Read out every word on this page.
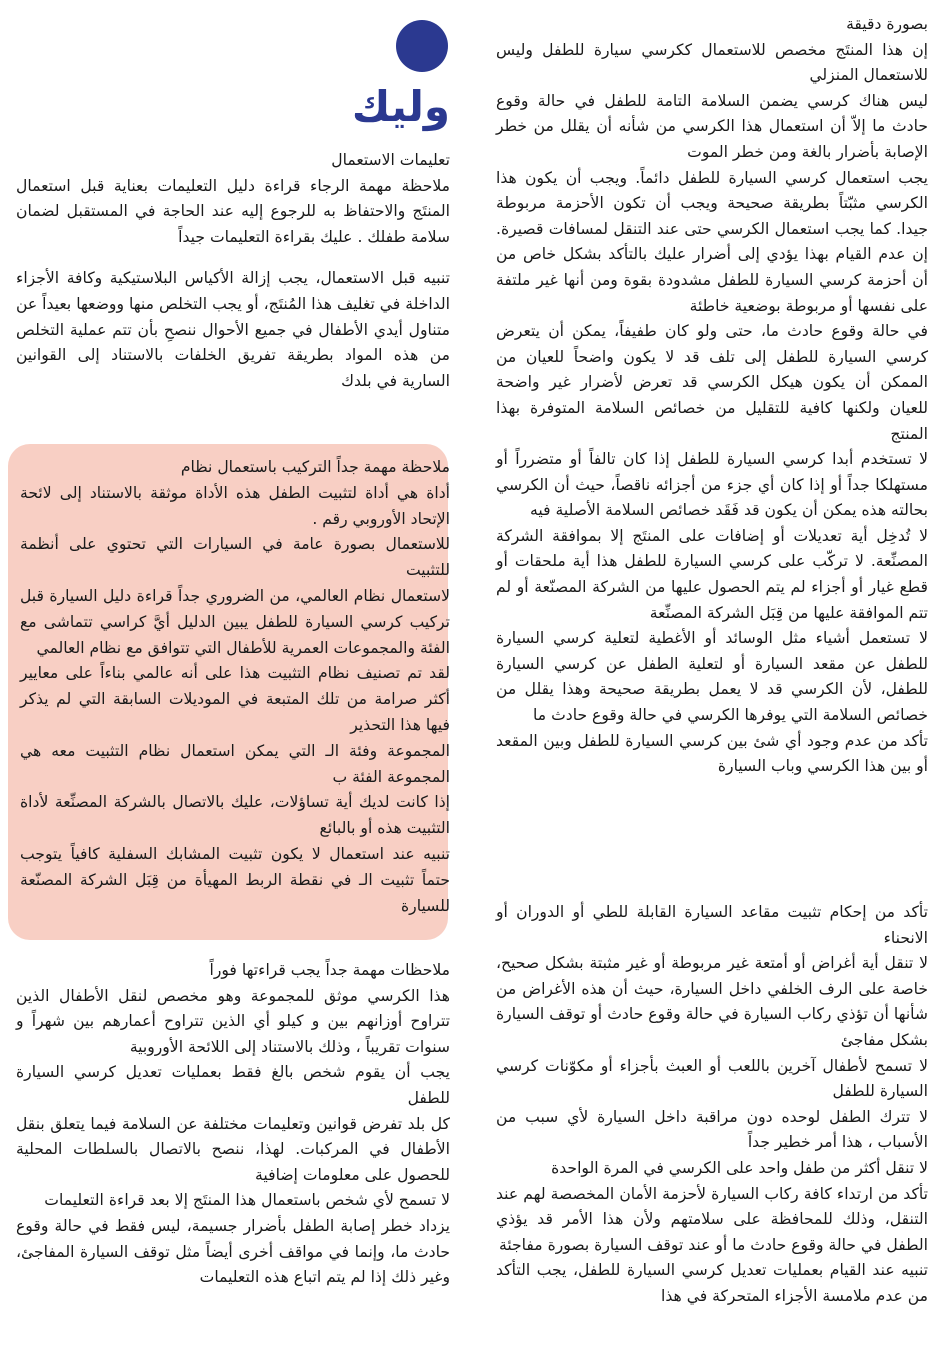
بصورة دقيقة

إن هذا المنتَج مخصص للاستعمال ككرسي سيارة للطفل وليس للاستعمال المنزلي

ليس هناك كرسي يضمن السلامة التامة للطفل في حالة وقوع حادث ما إلاّ أن استعمال هذا الكرسي من شأنه أن يقلل من خطر الإصابة بأضرار بالغة ومن خطر الموت

يجب استعمال كرسي السيارة للطفل دائماً. ويجب أن يكون هذا الكرسي مثبّتاً بطريقة صحيحة ويجب أن تكون الأحزمة مربوطة جيدا. كما يجب استعمال الكرسي حتى عند التنقل لمسافات قصيرة. إن عدم القيام بهذا يؤدي إلى أضرار عليك بالتأكد بشكل خاص من أن أحزمة كرسي السيارة للطفل مشدودة بقوة ومن أنها غير ملتفة على نفسها أو مربوطة بوضعية خاطئة

في حالة وقوع حادث ما، حتى ولو كان طفيفاً، يمكن أن يتعرض كرسي السيارة للطفل إلى تلف قد لا يكون واضحاً للعيان من الممكن أن يكون هيكل الكرسي قد تعرض لأضرار غير واضحة للعيان ولكنها كافية للتقليل من خصائص السلامة المتوفرة بهذا المنتج

لا تستخدم أبدا كرسي السيارة للطفل إذا كان تالفاً أو متضرراً أو مستهلكا جداً أو إذا كان أي جزء من أجزائه ناقصاً، حيث أن الكرسي بحالته هذه يمكن أن يكون قد فَقَد خصائص السلامة الأصلية فيه

لا تُدخِل أية تعديلات أو إضافات على المنتَج إلا بموافقة الشركة المصنِّعة. لا تركّب على كرسي السيارة للطفل هذا أية ملحقات أو قطع غيار أو أجزاء لم يتم الحصول عليها من الشركة المصنّعة أو لم تتم الموافقة عليها من قِبَل الشركة المصنِّعة

لا تستعمل أشياء مثل الوسائد أو الأغطية لتعلية كرسي السيارة للطفل عن مقعد السيارة أو لتعلية الطفل عن كرسي السيارة للطفل، لأن الكرسي قد لا يعمل بطريقة صحيحة وهذا يقلل من خصائص السلامة التي يوفرها الكرسي في حالة وقوع حادث ما

تأكد من عدم وجود أي شئ بين كرسي السيارة للطفل وبين المقعد أو بين هذا الكرسي وباب السيارة

تأكد من إحكام تثبيت مقاعد السيارة القابلة للطي أو الدوران أو الانحناء

لا تنقل أية أغراض أو أمتعة غير مربوطة أو غير مثبتة بشكل صحيح، خاصة على الرف الخلفي داخل السيارة، حيث أن هذه الأغراض من شأنها أن تؤذي ركاب السيارة في حالة وقوع حادث أو توقف السيارة بشكل مفاجئ

لا تسمح لأطفال آخرين باللعب أو العبث بأجزاء أو مكوّنات كرسي السيارة للطفل

لا تترك الطفل لوحده دون مراقبة داخل السيارة لأي سبب من الأسباب ، هذا أمر خطير جداً

لا تنقل أكثر من طفل واحد على الكرسي في المرة الواحدة

تأكد من ارتداء كافة ركاب السيارة لأحزمة الأمان المخصصة لهم عند التنقل، وذلك للمحافظة على سلامتهم ولأن هذا الأمر قد يؤذي الطفل في حالة وقوع حادث ما أو عند توقف السيارة بصورة مفاجئة

تنبيه عند القيام بعمليات تعديل كرسي السيارة للطفل، يجب التأكد من عدم ملامسة الأجزاء المتحركة في هذا

وليك

تعليمات الاستعمال

ملاحظة مهمة الرجاء قراءة دليل التعليمات بعناية قبل استعمال المنتَج والاحتفاظ به للرجوع إليه عند الحاجة في المستقبل لضمان سلامة طفلك . عليك بقراءة التعليمات جيداً

تنبيه قبل الاستعمال، يجب إزالة الأكياس البلاستيكية وكافة الأجزاء الداخلة في تغليف هذا المُنتَج، أو يجب التخلص منها ووضعها بعيداً عن متناول أيدي الأطفال في جميع الأحوال ننصحِ بأن تتم عملية التخلص من هذه المواد بطريقة تفريق الخلفات بالاستناد إلى القوانين السارية في بلدك

ملاحظة مهمة جداً التركيب باستعمال نظام

أداة هي أداة لتثبيت الطفل هذه الأداة موثقة بالاستناد إلى لائحة الإتحاد الأوروبي رقم .

للاستعمال بصورة عامة في السيارات التي تحتوي على أنظمة للتثبيت

لاستعمال نظام العالمي، من الضروري جداً قراءة دليل السيارة قبل تركيب كرسي السيارة للطفل يبين الدليل أيَّ كراسي تتماشى مع الفئة والمجموعات العمرية للأطفال التي تتوافق مع نظام العالمي

لقد تم تصنيف نظام التثبيت هذا على أنه عالمي بناءاً على معايير أكثر صرامة من تلك المتبعة في الموديلات السابقة التي لم يذكر فيها هذا التحذير

المجموعة وفئة الـ التي يمكن استعمال نظام التثبيت معه هي المجموعة الفئة ب

إذا كانت لديك أية تساؤلات، عليك بالاتصال بالشركة المصنِّعة لأداة التثبيت هذه أو بالبائع

تنبيه عند استعمال لا يكون تثبيت المشابك السفلية كافياً يتوجب حتماً تثبيت الـ في نقطة الربط المهيأة من قِبَل الشركة المصنّعة للسيارة

ملاحظات مهمة جداً يجب قراءتها فوراً

هذا الكرسي موثق للمجموعة وهو مخصص لنقل الأطفال الذين تتراوح أوزانهم بين و كيلو أي الذين تتراوح أعمارهم بين شهراً و سنوات تقريباً ، وذلك بالاستناد إلى اللائحة الأوروبية

يجب أن يقوم شخص بالغ فقط بعمليات تعديل كرسي السيارة للطفل

كل بلد تفرض قوانين وتعليمات مختلفة عن السلامة فيما يتعلق بنقل الأطفال في المركبات. لهذا، ننصح بالاتصال بالسلطات المحلية للحصول على معلومات إضافية

لا تسمح لأي شخص باستعمال هذا المنتَج إلا بعد قراءة التعليمات

يزداد خطر إصابة الطفل بأضرار جسيمة، ليس فقط في حالة وقوع حادث ما، وإنما في مواقف أخرى أيضاً مثل توقف السيارة المفاجئ، وغير ذلك إذا لم يتم اتباع هذه التعليمات
